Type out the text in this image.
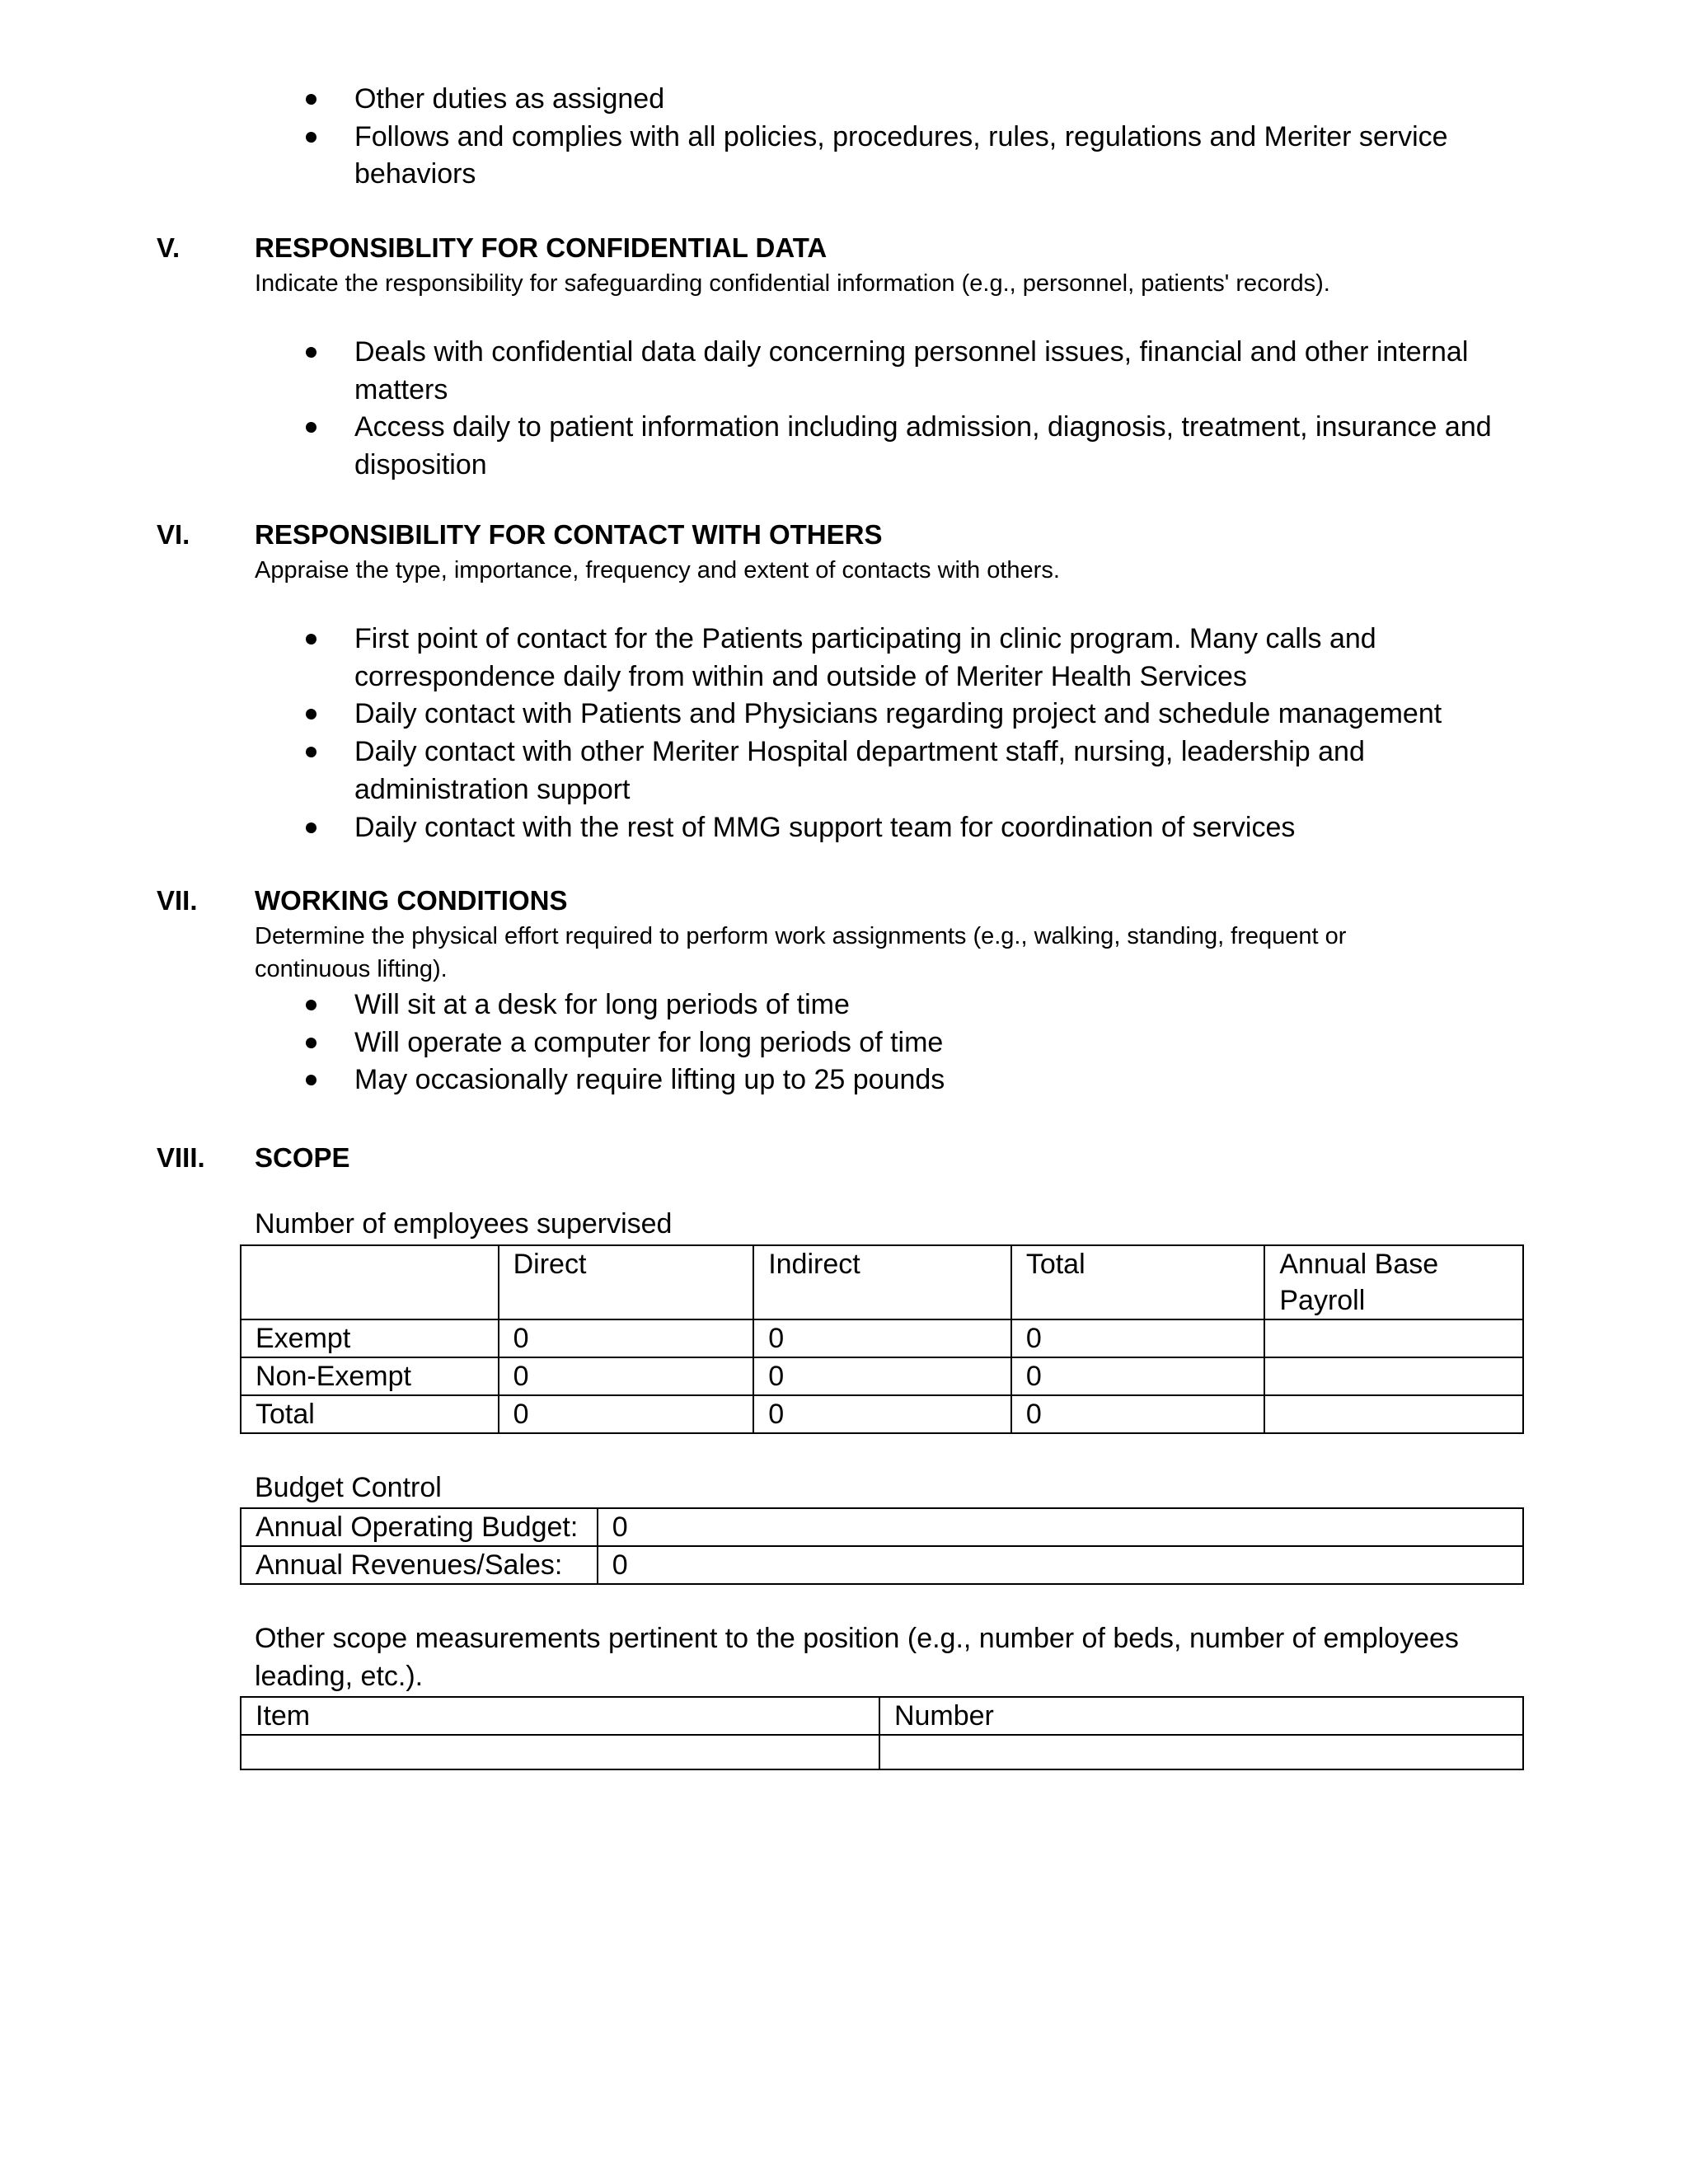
Other duties as assigned
Follows and complies with all policies, procedures, rules, regulations and Meriter service behaviors
V.	RESPONSIBLITY FOR CONFIDENTIAL DATA
Indicate the responsibility for safeguarding confidential information (e.g., personnel, patients' records).
Deals with confidential data daily concerning personnel issues, financial and other internal matters
Access daily to patient information including admission, diagnosis, treatment, insurance and disposition
VI. RESPONSIBILITY FOR CONTACT WITH OTHERS
Appraise the type, importance, frequency and extent of contacts with others.
First point of contact for the Patients participating in clinic program. Many calls and correspondence daily from within and outside of Meriter Health Services
Daily contact with Patients and Physicians regarding project and schedule management
Daily contact with other Meriter Hospital department staff, nursing, leadership and administration support
Daily contact with the rest of MMG support team for coordination of services
VII. WORKING CONDITIONS
Determine the physical effort required to perform work assignments (e.g., walking, standing, frequent or continuous lifting).
Will sit at a desk for long periods of time
Will operate a computer for long periods of time
May occasionally require lifting up to 25 pounds
VIII. SCOPE
Number of employees supervised
	Direct	Indirect	Total	Annual Base Payroll
Exempt	0	0	0	
Non-Exempt	0	0	0	
Total	0	0	0	
Budget Control
Annual Operating Budget:	0
Annual Revenues/Sales:	0
Other scope measurements pertinent to the position (e.g., number of beds, number of employees leading, etc.).
Item	Number
